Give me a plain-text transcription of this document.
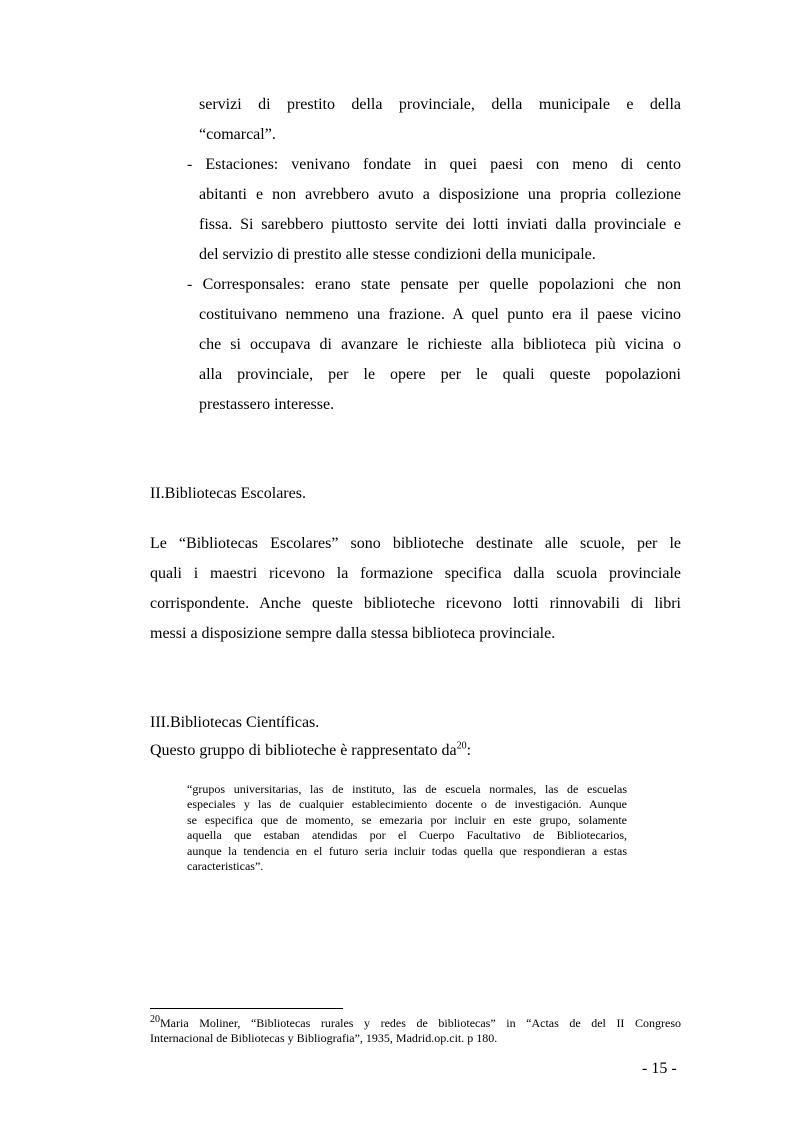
servizi di prestito della provinciale, della municipale e della
“comarcal”.
- Estaciones: venivano fondate in quei paesi con meno di cento
abitanti e non avrebbero avuto a disposizione una propria collezione
fissa. Si sarebbero piuttosto servite dei lotti inviati dalla provinciale e
del servizio di prestito alle stesse condizioni della municipale.
- Corresponsales: erano state pensate per quelle popolazioni che non
costituivano nemmeno una frazione. A quel punto era il paese vicino
che si occupava di avanzare le richieste alla biblioteca più vicina o
alla provinciale, per le opere per le quali queste popolazioni
prestassero interesse.
II.Bibliotecas Escolares.
Le “Bibliotecas Escolares” sono biblioteche destinate alle scuole, per le
quali i maestri ricevono la formazione specifica dalla scuola provinciale
corrispondente. Anche queste biblioteche ricevono lotti rinnovabili di libri
messi a disposizione sempre dalla stessa biblioteca provinciale.
III.Bibliotecas Científicas.
Questo gruppo di biblioteche è rappresentato $da^{20}$:
“grupos universitarias, las de instituto, las de escuela normales, las de escuelas
especiales y las de cualquier establecimiento docente o de investigación. Aunque
se especifica que de momento, se emezaria por incluir en este grupo, solamente
aquella que estaban atendidas por el Cuerpo Facultativo de Bibliotecarios,
aunque la tendencia en el futuro seria incluir todas quella que respondieran a estas
caracteristicas”.
$^{20}$Maria Moliner, “Bibliotecas rurales y redes de bibliotecas” in “Actas de del II Congreso
Internacional de Bibliotecas y Bibliografia”, 1935, Madrid.op.cit. p 180.
- 15 -
